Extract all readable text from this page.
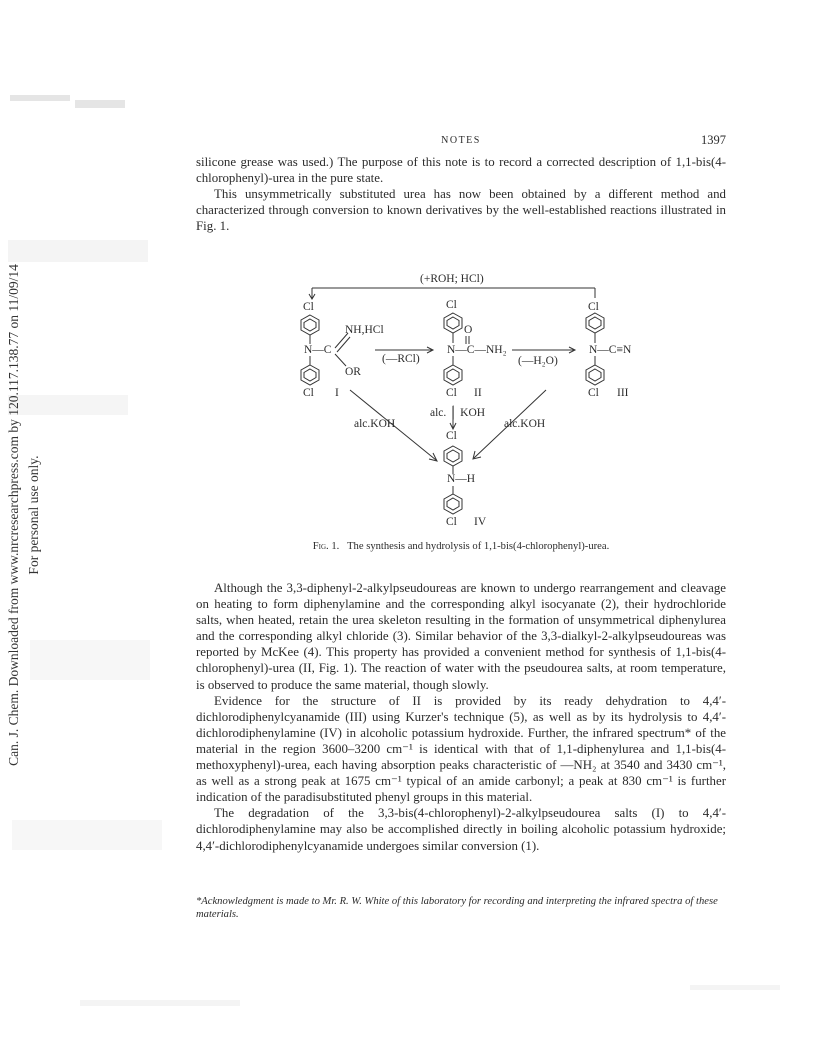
Can. J. Chem. Downloaded from www.nrcresearchpress.com by 120.117.138.77 on 11/09/14 For personal use only.
NOTES	1397

silicone grease was used.) The purpose of this note is to record a corrected description of 1,1-bis(4-chlorophenyl)-urea in the pure state.

This unsymmetrically substituted urea has now been obtained by a different method and characterized through conversion to known derivatives by the well-established reactions illustrated in Fig. 1.

(+ROH; HCl)
Cl
NH,HCl
N—C
OR
Cl I
(—RCl)
Cl
O
N—C—NH₂
Cl II
(—H₂O)
Cl
N—C≡N
Cl III
alc.KOH
alc. │ KOH
alc.KOH
Cl
N—H
Cl IV
Fig. 1. The synthesis and hydrolysis of 1,1-bis(4-chlorophenyl)-urea.

Although the 3,3-diphenyl-2-alkylpseudoureas are known to undergo rearrangement and cleavage on heating to form diphenylamine and the corresponding alkyl isocyanate (2), their hydrochloride salts, when heated, retain the urea skeleton resulting in the formation of unsymmetrical diphenylurea and the corresponding alkyl chloride (3). Similar behavior of the 3,3-dialkyl-2-alkylpseudoureas was reported by McKee (4). This property has provided a convenient method for synthesis of 1,1-bis(4-chlorophenyl)-urea (II, Fig. 1). The reaction of water with the pseudourea salts, at room temperature, is observed to produce the same material, though slowly.

Evidence for the structure of II is provided by its ready dehydration to 4,4′-dichlorodiphenylcyanamide (III) using Kurzer's technique (5), as well as by its hydrolysis to 4,4′-dichlorodiphenylamine (IV) in alcoholic potassium hydroxide. Further, the infrared spectrum* of the material in the region 3600–3200 cm⁻¹ is identical with that of 1,1-diphenylurea and 1,1-bis(4-methoxyphenyl)-urea, each having absorption peaks characteristic of —NH₂ at 3540 and 3430 cm⁻¹, as well as a strong peak at 1675 cm⁻¹ typical of an amide carbonyl; a peak at 830 cm⁻¹ is further indication of the paradisubstituted phenyl groups in this material.

The degradation of the 3,3-bis(4-chlorophenyl)-2-alkylpseudourea salts (I) to 4,4′-dichlorodiphenylamine may also be accomplished directly in boiling alcoholic potassium hydroxide; 4,4′-dichlorodiphenylcyanamide undergoes similar conversion (1).

*Acknowledgment is made to Mr. R. W. White of this laboratory for recording and interpreting the infrared spectra of these materials.
